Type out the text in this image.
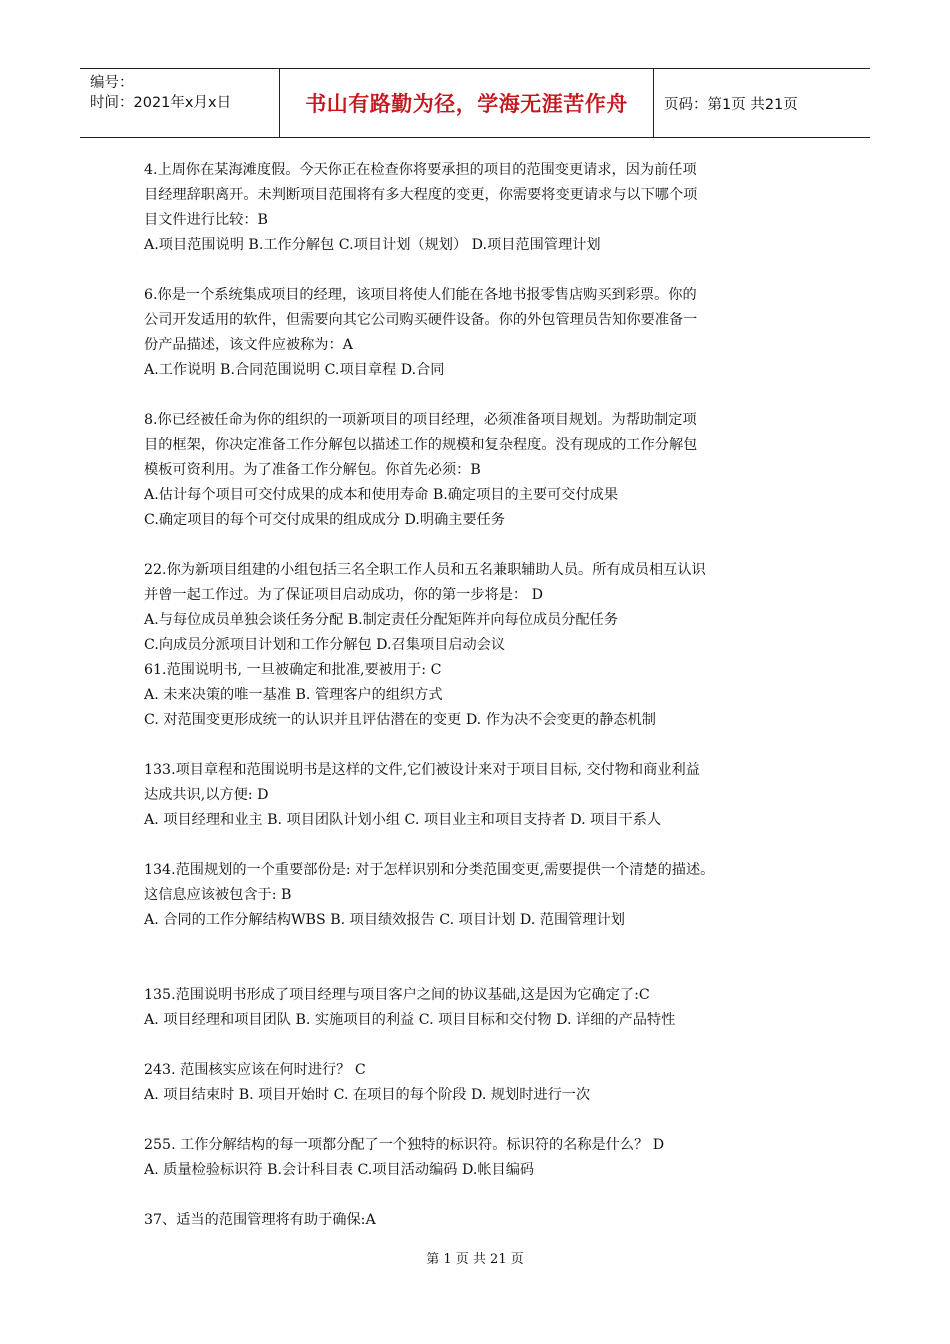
编号：
时间：2021年x月x日	书山有路勤为径，学海无涯苦作舟	页码：第1页 共21页
4.上周你在某海滩度假。今天你正在检查你将要承担的项目的范围变更请求，因为前任项
目经理辞职离开。未判断项目范围将有多大程度的变更，你需要将变更请求与以下哪个项
目文件进行比较：B
A.项目范围说明 B.工作分解包 C.项目计划（规划） D.项目范围管理计划
6.你是一个系统集成项目的经理，该项目将使人们能在各地书报零售店购买到彩票。你的
公司开发适用的软件，但需要向其它公司购买硬件设备。你的外包管理员告知你要准备一
份产品描述，该文件应被称为：A
A.工作说明 B.合同范围说明 C.项目章程 D.合同
8.你已经被任命为你的组织的一项新项目的项目经理，必须准备项目规划。为帮助制定项
目的框架，你决定准备工作分解包以描述工作的规模和复杂程度。没有现成的工作分解包
模板可资利用。为了准备工作分解包。你首先必须：B
A.估计每个项目可交付成果的成本和使用寿命 B.确定项目的主要可交付成果
C.确定项目的每个可交付成果的组成成分 D.明确主要任务
22.你为新项目组建的小组包括三名全职工作人员和五名兼职辅助人员。所有成员相互认识
并曾一起工作过。为了保证项目启动成功，你的第一步将是： D
A.与每位成员单独会谈任务分配 B.制定责任分配矩阵并向每位成员分配任务
C.向成员分派项目计划和工作分解包 D.召集项目启动会议
61.范围说明书, 一旦被确定和批准,要被用于: C
A. 未来决策的唯一基准 B. 管理客户的组织方式
C. 对范围变更形成统一的认识并且评估潜在的变更 D. 作为决不会变更的静态机制
133.项目章程和范围说明书是这样的文件,它们被设计来对于项目目标, 交付物和商业利益
达成共识,以方便: D
A. 项目经理和业主 B. 项目团队计划小组 C. 项目业主和项目支持者 D. 项目干系人
134.范围规划的一个重要部份是: 对于怎样识别和分类范围变更,需要提供一个清楚的描述。
这信息应该被包含于: B
A. 合同的工作分解结构WBS B. 项目绩效报告 C. 项目计划 D. 范围管理计划
135.范围说明书形成了项目经理与项目客户之间的协议基础,这是因为它确定了:C
A. 项目经理和项目团队 B. 实施项目的利益 C. 项目目标和交付物 D. 详细的产品特性
243. 范围核实应该在何时进行？ C
A. 项目结束时 B. 项目开始时 C. 在项目的每个阶段 D. 规划时进行一次
255. 工作分解结构的每一项都分配了一个独特的标识符。标识符的名称是什么？ D
A. 质量检验标识符 B.会计科目表 C.项目活动编码 D.帐目编码
37、适当的范围管理将有助于确保:A
第 1 页 共 21 页
